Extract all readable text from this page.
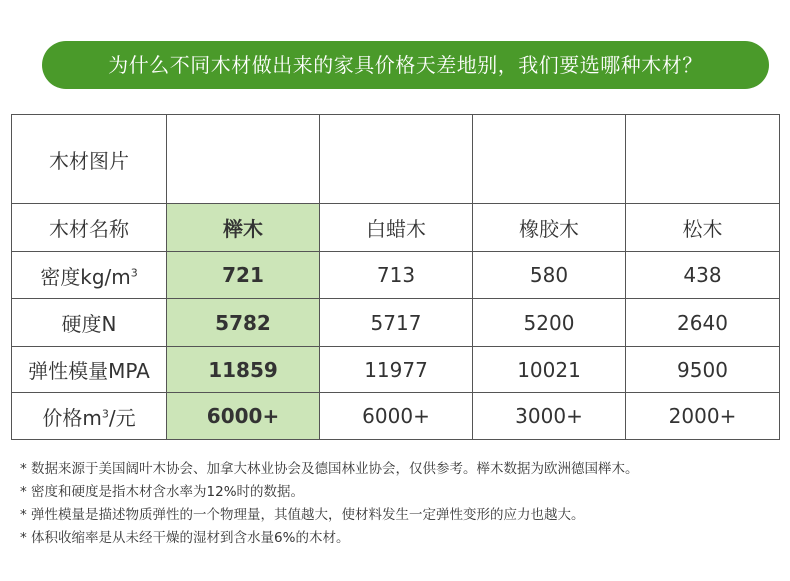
为什么不同木材做出来的家具价格天差地别，我们要选哪种木材？
木材图片	

木材名称	榉木	白蜡木	橡胶木	松木
密度$kg/m^3$	721	713	580	438
硬度N	5782	5717	5200	2640
弹性模量MPA	11859	11977	10021	9500
价格$m^3/$元	6000+	6000+	3000+	2000+
* 数据来源于美国阔叶木协会、加拿大林业协会及德国林业协会，仅供参考。榉木数据为欧洲德国榉木。
* 密度和硬度是指木材含水率为12%时的数据。
* 弹性模量是描述物质弹性的一个物理量，其值越大，使材料发生一定弹性变形的应力也越大。
* 体积收缩率是从未经干燥的湿材到含水量6%的木材。
